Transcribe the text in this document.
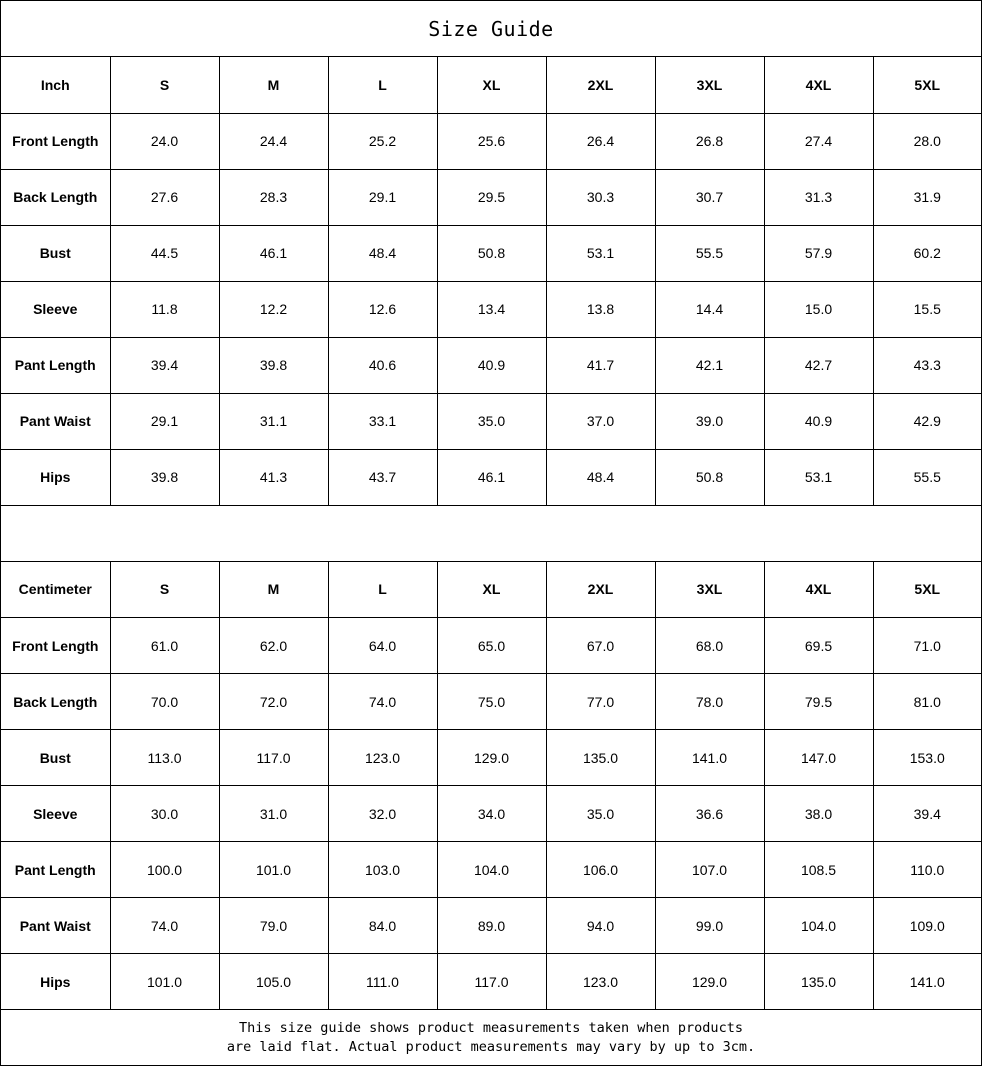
Size Guide
Inch	S	M	L	XL	2XL	3XL	4XL	5XL
Front Length	24.0	24.4	25.2	25.6	26.4	26.8	27.4	28.0
Back Length	27.6	28.3	29.1	29.5	30.3	30.7	31.3	31.9
Bust	44.5	46.1	48.4	50.8	53.1	55.5	57.9	60.2
Sleeve	11.8	12.2	12.6	13.4	13.8	14.4	15.0	15.5
Pant Length	39.4	39.8	40.6	40.9	41.7	42.1	42.7	43.3
Pant Waist	29.1	31.1	33.1	35.0	37.0	39.0	40.9	42.9
Hips	39.8	41.3	43.7	46.1	48.4	50.8	53.1	55.5
Centimeter	S	M	L	XL	2XL	3XL	4XL	5XL
Front Length	61.0	62.0	64.0	65.0	67.0	68.0	69.5	71.0
Back Length	70.0	72.0	74.0	75.0	77.0	78.0	79.5	81.0
Bust	113.0	117.0	123.0	129.0	135.0	141.0	147.0	153.0
Sleeve	30.0	31.0	32.0	34.0	35.0	36.6	38.0	39.4
Pant Length	100.0	101.0	103.0	104.0	106.0	107.0	108.5	110.0
Pant Waist	74.0	79.0	84.0	89.0	94.0	99.0	104.0	109.0
Hips	101.0	105.0	111.0	117.0	123.0	129.0	135.0	141.0
This size guide shows product measurements taken when products
are laid flat. Actual product measurements may vary by up to 3cm.
